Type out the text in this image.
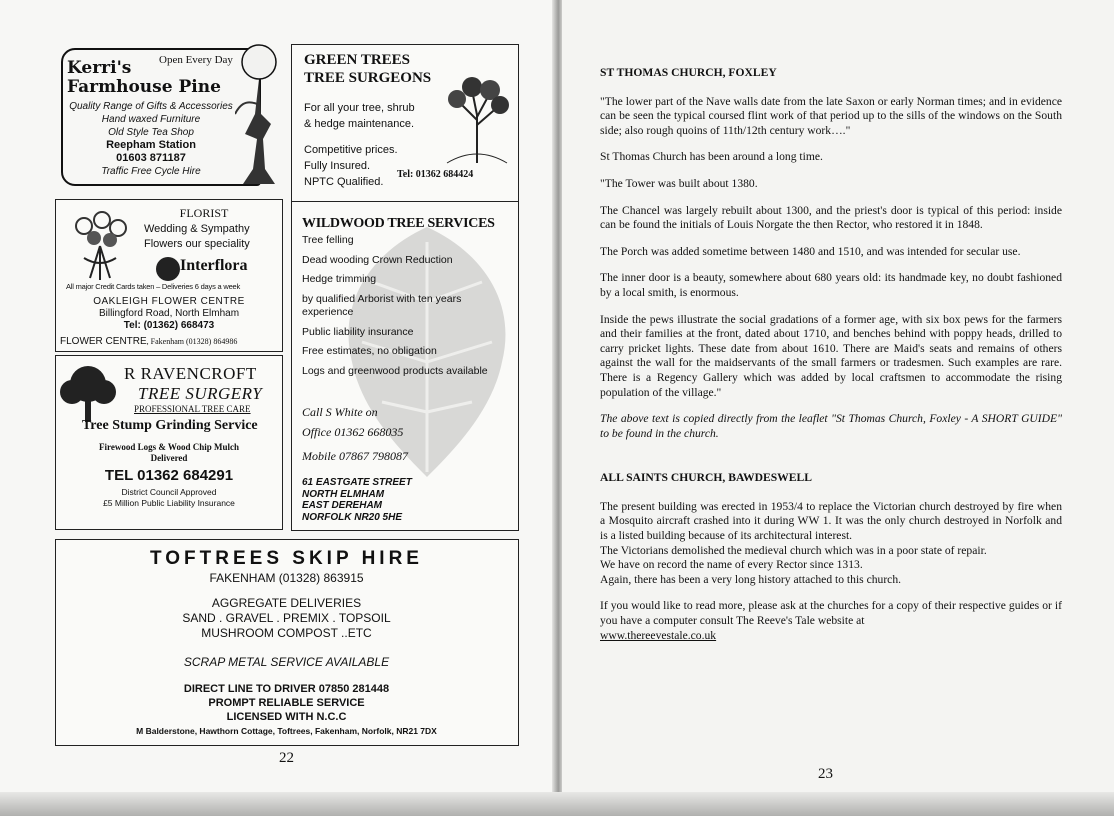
Open Every Day
Kerri's
Farmhouse Pine
Quality Range of Gifts & Accessories
Hand waxed Furniture
Old Style Tea Shop
Reepham Station
01603 871187
Traffic Free Cycle Hire
GREEN TREES
TREE SURGEONS
For all your tree, shrub
& hedge maintenance.
Competitive prices.
Fully Insured.
NPTC Qualified.
Tel: 01362 684424
FLORIST
Wedding & Sympathy
Flowers our speciality
Interflora
All major Credit Cards taken – Deliveries 6 days a week
OAKLEIGH FLOWER CENTRE
Billingford Road, North Elmham
Tel: (01362) 668473
FLOWER CENTRE, Fakenham (01328) 864986
WILDWOOD TREE SERVICES
Tree felling
Dead wooding Crown Reduction
Hedge trimming
by qualified Arborist with ten years experience
Public liability insurance
Free estimates, no obligation
Logs and greenwood products available
Call S White on
Office 01362 668035
Mobile 07867 798087
61 EASTGATE STREET
NORTH ELMHAM
EAST DEREHAM
NORFOLK NR20 5HE
R RAVENCROFT
TREE SURGERY
PROFESSIONAL TREE CARE
Tree Stump Grinding Service
Firewood Logs & Wood Chip Mulch
Delivered
TEL 01362 684291
District Council Approved
£5 Million Public Liability Insurance
TOFTREES SKIP HIRE
FAKENHAM (01328) 863915
AGGREGATE DELIVERIES
SAND . GRAVEL . PREMIX . TOPSOIL
MUSHROOM COMPOST ..ETC
SCRAP METAL SERVICE AVAILABLE
DIRECT LINE TO DRIVER 07850 281448
PROMPT RELIABLE SERVICE
LICENSED WITH N.C.C
M Balderstone, Hawthorn Cottage, Toftrees, Fakenham, Norfolk, NR21 7DX
22
23
ST THOMAS CHURCH, FOXLEY

"The lower part of the Nave walls date from the late Saxon or early Norman times; and in evidence can be seen the typical coursed flint work of that period up to the sills of the windows on the South side; also rough quoins of 11th/12th century work…."

St Thomas Church has been around a long time.

"The Tower was built about 1380.

The Chancel was largely rebuilt about 1300, and the priest's door is typical of this period: inside can be found the initials of Louis Norgate the then Rector, who restored it in 1848.

The Porch was added sometime between 1480 and 1510, and was intended for secular use.

The inner door is a beauty, somewhere about 680 years old: its handmade key, no doubt fashioned by a local smith, is enormous.

Inside the pews illustrate the social gradations of a former age, with six box pews for the farmers and their families at the front, dated about 1710, and benches behind with poppy heads, drilled to carry pricket lights. These date from about 1610. There are Maid's seats and remains of others against the wall for the maidservants of the small farmers or tradesmen. Such examples are rare. There is a Regency Gallery which was added by local craftsmen to accommodate the rising population of the village."

The above text is copied directly from the leaflet "St Thomas Church, Foxley - A SHORT GUIDE" to be found in the church.

ALL SAINTS CHURCH, BAWDESWELL
The present building was erected in 1953/4 to replace the Victorian church destroyed by fire when a Mosquito aircraft crashed into it during WW 1. It was the only church destroyed in Norfolk and is a listed building because of its architectural interest.
The Victorians demolished the medieval church which was in a poor state of repair.
We have on record the name of every Rector since 1313.
Again, there has been a very long history attached to this church.
If you would like to read more, please ask at the churches for a copy of their respective guides or if you have a computer consult The Reeve's Tale website at
www.thereevestale.co.uk
